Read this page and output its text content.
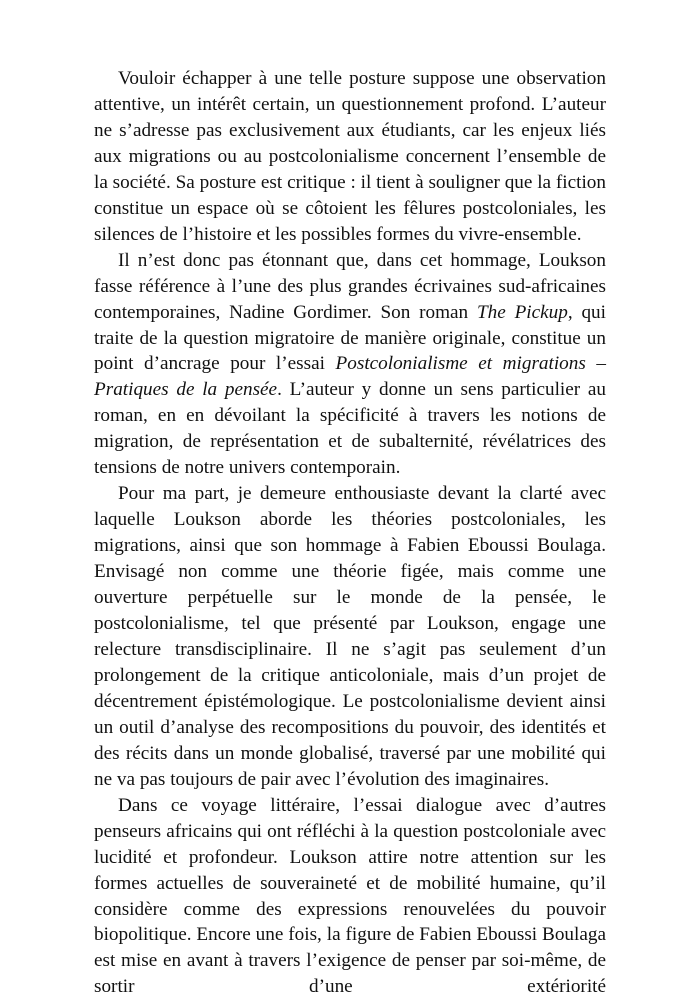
Vouloir échapper à une telle posture suppose une observation attentive, un intérêt certain, un questionnement profond. L’auteur ne s’adresse pas exclusivement aux étudiants, car les enjeux liés aux migrations ou au postcolonialisme concernent l’ensemble de la société. Sa posture est critique : il tient à souligner que la fiction constitue un espace où se côtoient les fêlures postcoloniales, les silences de l’histoire et les possibles formes du vivre-ensemble.

Il n’est donc pas étonnant que, dans cet hommage, Loukson fasse référence à l’une des plus grandes écrivaines sud-africaines contemporaines, Nadine Gordimer. Son roman The Pickup, qui traite de la question migratoire de manière originale, constitue un point d’ancrage pour l’essai Postcolonialisme et migrations – Pratiques de la pensée. L’auteur y donne un sens particulier au roman, en en dévoilant la spécificité à travers les notions de migration, de représentation et de subalternité, révélatrices des tensions de notre univers contemporain.

Pour ma part, je demeure enthousiaste devant la clarté avec laquelle Loukson aborde les théories postcoloniales, les migrations, ainsi que son hommage à Fabien Eboussi Boulaga. Envisagé non comme une théorie figée, mais comme une ouverture perpétuelle sur le monde de la pensée, le postcolonialisme, tel que présenté par Loukson, engage une relecture transdisciplinaire. Il ne s’agit pas seulement d’un prolongement de la critique anticoloniale, mais d’un projet de décentrement épistémologique. Le postcolonialisme devient ainsi un outil d’analyse des recompositions du pouvoir, des identités et des récits dans un monde globalisé, traversé par une mobilité qui ne va pas toujours de pair avec l’évolution des imaginaires.

Dans ce voyage littéraire, l’essai dialogue avec d’autres penseurs africains qui ont réfléchi à la question postcoloniale avec lucidité et profondeur. Loukson attire notre attention sur les formes actuelles de souveraineté et de mobilité humaine, qu’il considère comme des expressions renouvelées du pouvoir biopolitique. Encore une fois, la figure de Fabien Eboussi Boulaga est mise en avant à travers l’exigence de penser par soi-même, de sortir d’une extériorité
